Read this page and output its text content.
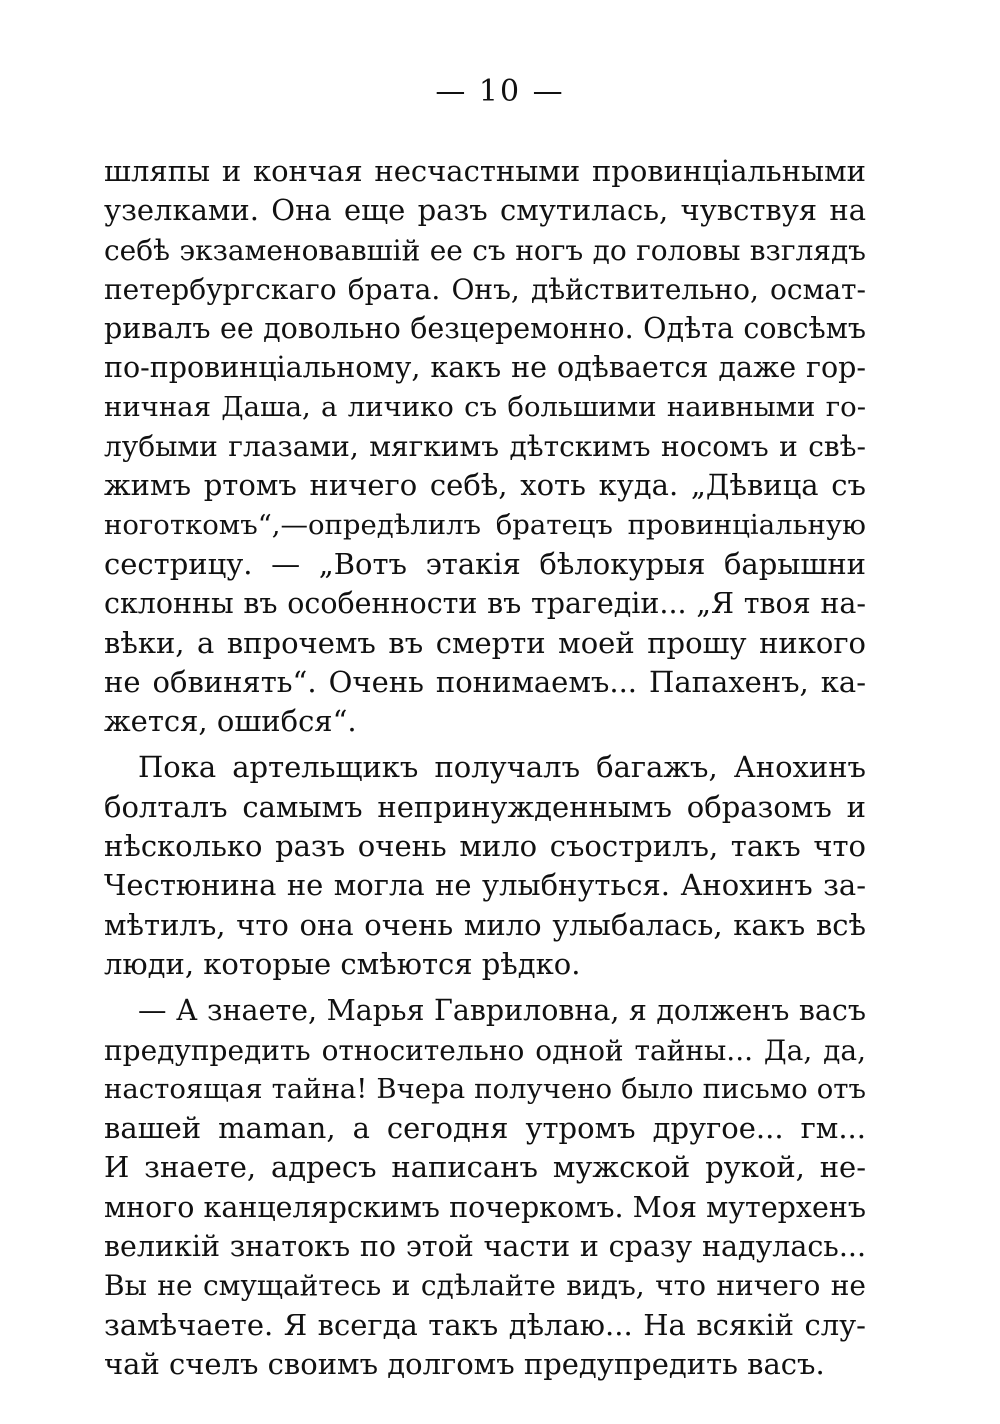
— 10 —
шляпы и кончая несчастными провинціальными
узелками. Она еще разъ смутилась, чувствуя на
себѣ экзаменовавшій ее съ ногъ до головы взглядъ
петербургскаго брата. Онъ, дѣйствительно, осмат-
ривалъ ее довольно безцеремонно. Одѣта совсѣмъ
по-провинціальному, какъ не одѣвается даже гор-
ничная Даша, а личико съ большими наивными го-
лубыми глазами, мягкимъ дѣтскимъ носомъ и свѣ-
жимъ ртомъ ничего себѣ, хоть куда. „Дѣвица съ
ноготкомъ“,—опредѣлилъ братецъ провинціальную
сестрицу. — „Вотъ этакія бѣлокурыя барышни
склонны въ особенности въ трагедіи... „Я твоя на-
вѣки, а впрочемъ въ смерти моей прошу никого
не обвинять“. Очень понимаемъ... Папахенъ, ка-
жется, ошибся“.
Пока артельщикъ получалъ багажъ, Анохинъ
болталъ самымъ непринужденнымъ образомъ и
нѣсколько разъ очень мило съострилъ, такъ что
Честюнина не могла не улыбнуться. Анохинъ за-
мѣтилъ, что она очень мило улыбалась, какъ всѣ
люди, которые смѣются рѣдко.
— А знаете, Марья Гавриловна, я долженъ васъ
предупредить относительно одной тайны... Да, да,
настоящая тайна! Вчера получено было письмо отъ
вашей maman, а сегодня утромъ другое... гм...
И знаете, адресъ написанъ мужской рукой, не-
много канцелярскимъ почеркомъ. Моя мутерхенъ
великій знатокъ по этой части и сразу надулась...
Вы не смущайтесь и сдѣлайте видъ, что ничего не
замѣчаете. Я всегда такъ дѣлаю... На всякій слу-
чай счелъ своимъ долгомъ предупредить васъ.
